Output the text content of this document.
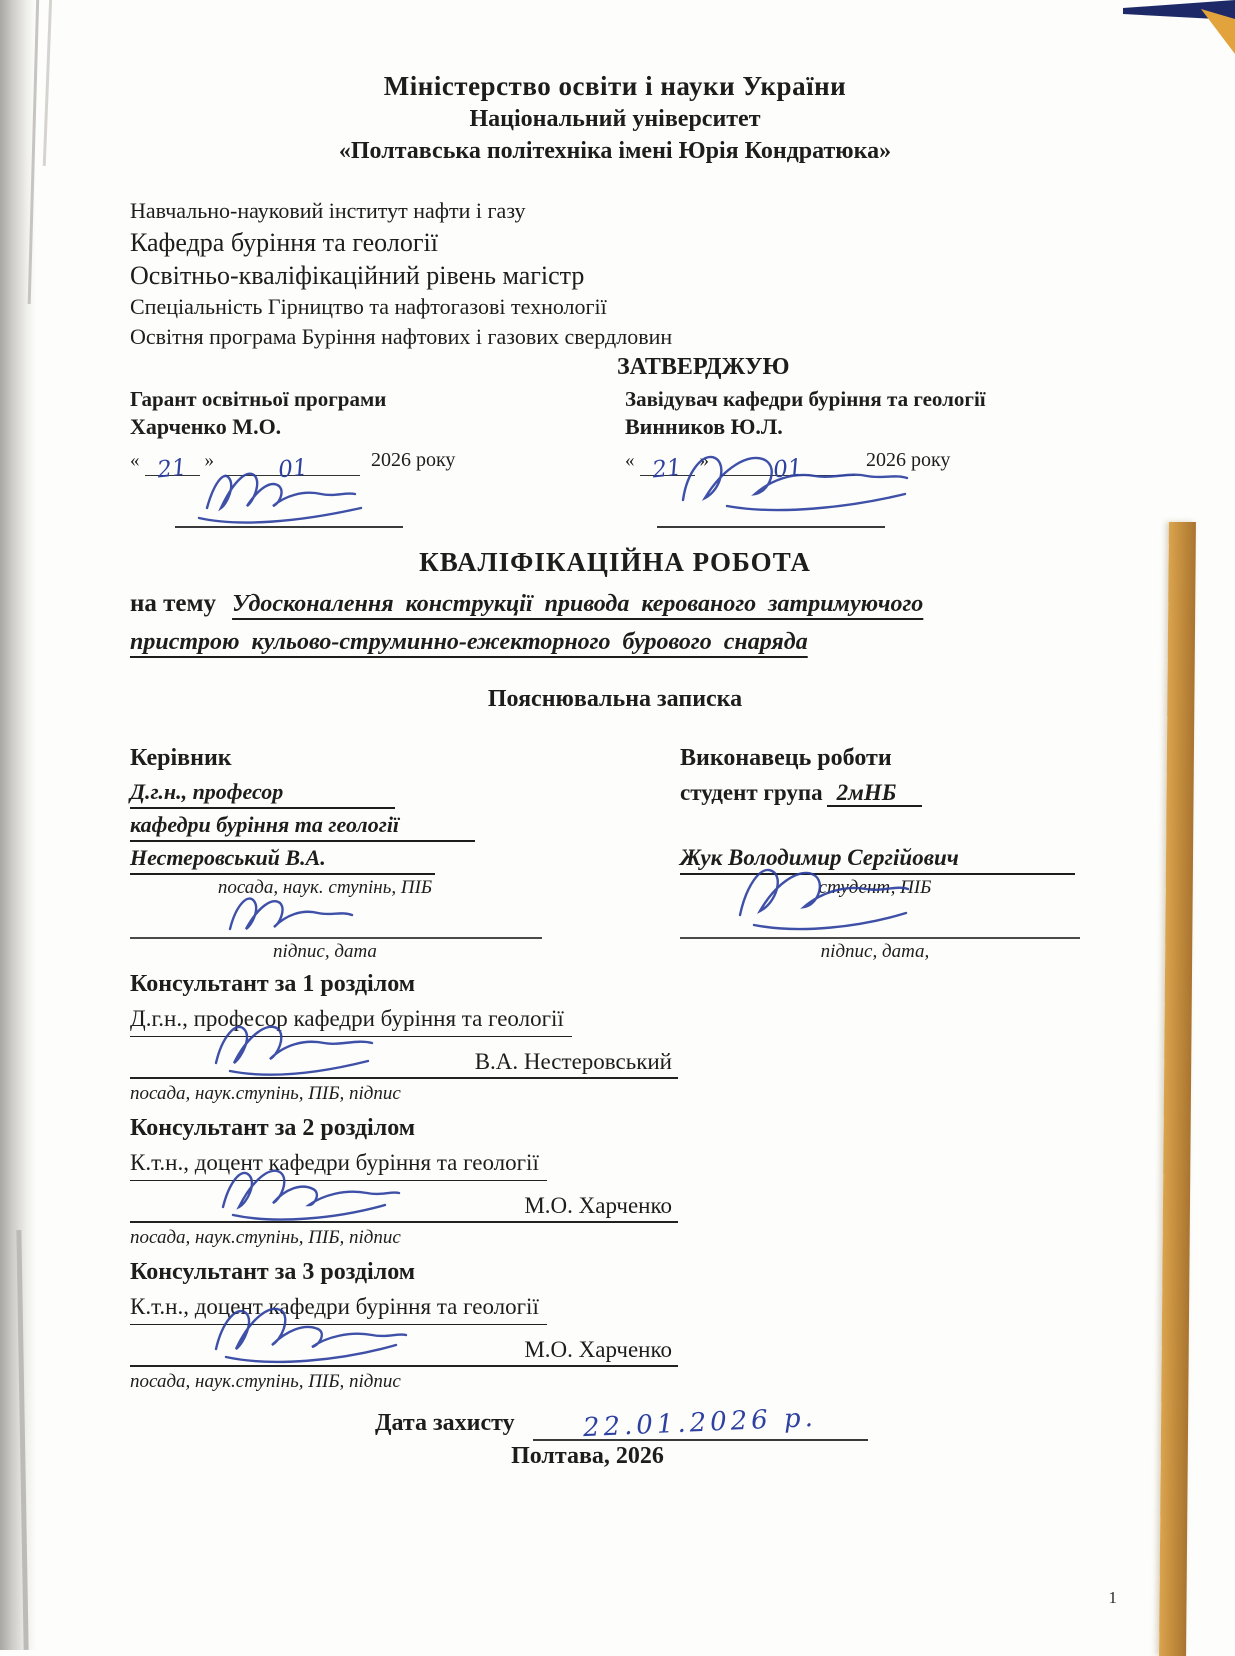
Міністерство освіти і науки України
Національний університет
«Полтавська політехніка імені Юрія Кондратюка»
Навчально-науковий інститут нафти і газу
Кафедра буріння та геології
Освітньо-кваліфікаційний рівень магістр
Спеціальність Гірництво та нафтогазові технології
Освітня програма Буріння нафтових і газових свердловин
ЗАТВЕРДЖУЮ
Гарант освітньої програми
Харченко М.О.
« 21 »	01	2026 року
Завідувач кафедри буріння та геології
Винников Ю.Л.
« 21 »	01	2026 року
КВАЛІФІКАЦІЙНА РОБОТА
на тему Удосконалення конструкції привода керованого затримуючого
пристрою кульово-струминно-ежекторного бурового снаряда
Пояснювальна записка
Керівник
Д.г.н., професор
кафедри буріння та геології
Нестеровський В.А.
посада, наук. ступінь, ПІБ
підпис, дата
Виконавець роботи
студент група 2мНБ
Жук Володимир Сергійович
студент, ПІБ
підпис, дата,
Консультант за 1 розділом
Д.г.н., професор кафедри буріння та геології
В.А. Нестеровський
посада, наук.ступінь, ПІБ, підпис
Консультант за 2 розділом
К.т.н., доцент кафедри буріння та геології
М.О. Харченко
посада, наук.ступінь, ПІБ, підпис
Консультант за 3 розділом
К.т.н., доцент кафедри буріння та геології
М.О. Харченко
посада, наук.ступінь, ПІБ, підпис
Дата захисту	22.01.2026 р.
Полтава, 2026
1
